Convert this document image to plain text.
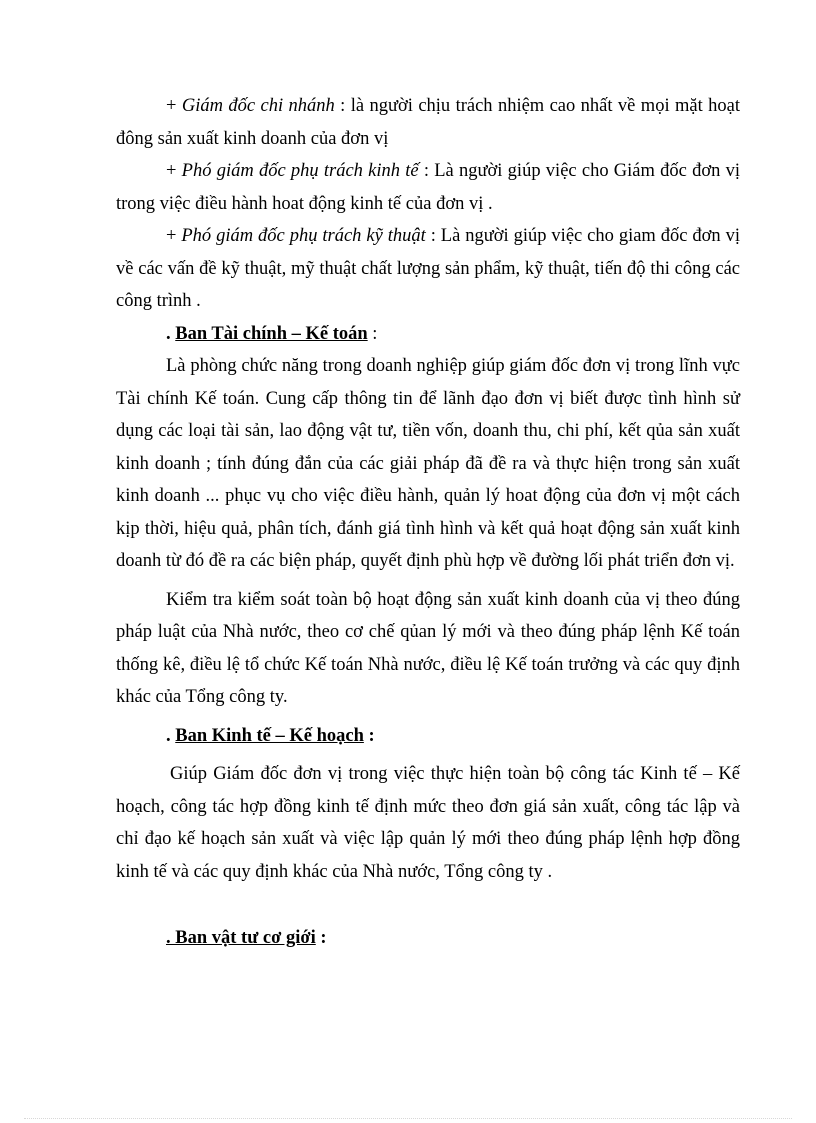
+ Giám đốc chi nhánh : là người chịu trách nhiệm cao nhất về mọi mặt hoạt đông sản xuất kinh doanh của đơn vị

+ Phó giám đốc phụ trách kinh tế : Là người giúp việc cho Giám đốc đơn vị trong việc điều hành hoat động kinh tế của đơn vị .

+ Phó giám đốc phụ trách kỹ thuật : Là người giúp việc cho giam đốc đơn vị về các vấn đề kỹ thuật, mỹ thuật chất lượng sản phẩm, kỹ thuật, tiến độ thi công các công trình .

. Ban Tài chính – Kế toán :

Là phòng chức năng trong doanh nghiệp giúp giám đốc đơn vị trong lĩnh vực Tài chính Kế toán. Cung cấp thông tin để lãnh đạo đơn vị biết được tình hình sử dụng các loại tài sản, lao động vật tư, tiền vốn, doanh thu, chi phí, kết qủa sản xuất kinh doanh ; tính đúng đắn của các giải pháp đã đề ra và thực hiện trong sản xuất kinh doanh ... phục vụ cho việc điều hành, quản lý hoat động của đơn vị một cách kịp thời, hiệu quả, phân tích, đánh giá tình hình và kết quả hoạt động sản xuất kinh doanh từ đó đề ra các biện pháp, quyết định phù hợp về đường lối phát triển đơn vị.

Kiểm tra kiểm soát toàn bộ hoạt động sản xuất kinh doanh của vị theo đúng pháp luật của Nhà nước, theo cơ chế qủan lý mới và theo đúng pháp lệnh Kế toán thống kê, điều lệ tổ chức Kế toán Nhà nước, điều lệ Kế toán trưởng và các quy định khác của Tổng công ty.

. Ban Kinh tế – Kế hoạch :

Giúp Giám đốc đơn vị trong việc thực hiện toàn bộ công tác Kinh tế – Kế hoạch, công tác hợp đồng kinh tế định mức theo đơn giá sản xuất, công tác lập và chỉ đạo kế hoạch sản xuất và việc lập quản lý mới theo đúng pháp lệnh hợp đồng kinh tế và các quy định khác của Nhà nước, Tổng công ty .

. Ban vật tư cơ giới :
